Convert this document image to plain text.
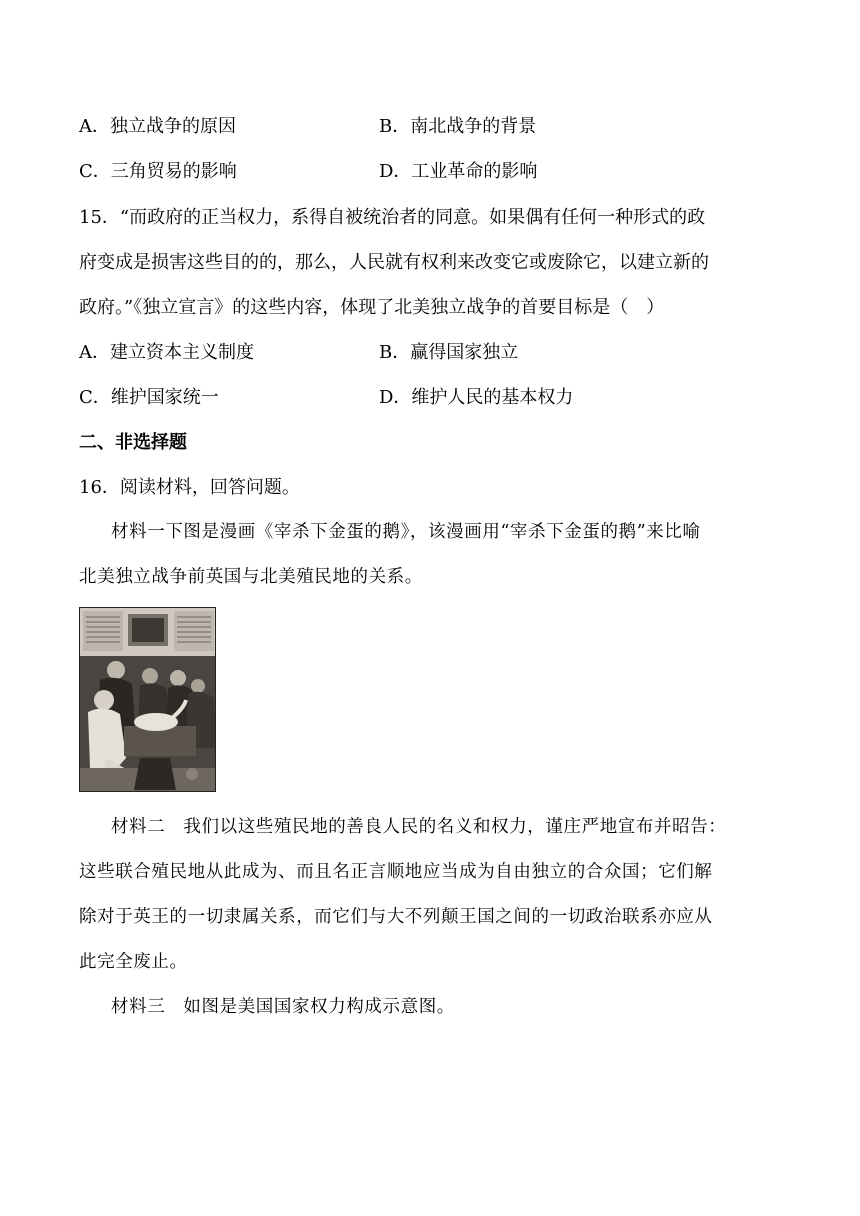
A．独立战争的原因	B．南北战争的背景
C．三角贸易的影响	D．工业革命的影响
15．“而政府的正当权力，系得自被统治者的同意。如果偶有任何一种形式的政
府变成是损害这些目的的，那么，人民就有权利来改变它或废除它，以建立新的
政府。”《独立宣言》的这些内容，体现了北美独立战争的首要目标是（　）
A．建立资本主义制度	B．赢得国家独立
C．维护国家统一	D．维护人民的基本权力
二、非选择题
16．阅读材料，回答问题。
材料一下图是漫画《宰杀下金蛋的鹅》，该漫画用“宰杀下金蛋的鹅”来比喻
北美独立战争前英国与北美殖民地的关系。
材料二　我们以这些殖民地的善良人民的名义和权力，谨庄严地宣布并昭告：
这些联合殖民地从此成为、而且名正言顺地应当成为自由独立的合众国；它们解
除对于英王的一切隶属关系，而它们与大不列颠王国之间的一切政治联系亦应从
此完全废止。
材料三　如图是美国国家权力构成示意图。
